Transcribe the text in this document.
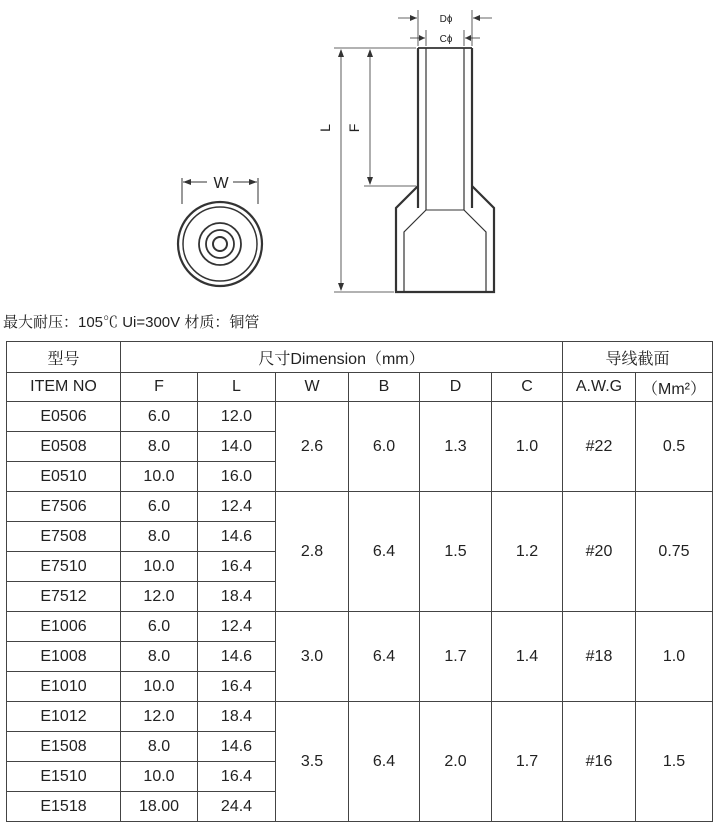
W
Dɸ
Cɸ
L F
最大耐压：105℃ Ui=300V 材质：铜管
型号	尺寸Dimension（mm）						导线截面	
ITEM NO	F	L	W	B	D	C	A.W.G	（Mm²）
E0506	6.0	12.0	2.6	6.0	1.3	1.0	#22	0.5
E0508	8.0	14.0						
E0510	10.0	16.0						
E7506	6.0	12.4	2.8	6.4	1.5	1.2	#20	0.75
E7508	8.0	14.6						
E7510	10.0	16.4						
E7512	12.0	18.4						
E1006	6.0	12.4	3.0	6.4	1.7	1.4	#18	1.0
E1008	8.0	14.6						
E1010	10.0	16.4						
E1012	12.0	18.4	3.5	6.4	2.0	1.7	#16	1.5
E1508	8.0	14.6						
E1510	10.0	16.4						
E1518	18.00	24.4						
